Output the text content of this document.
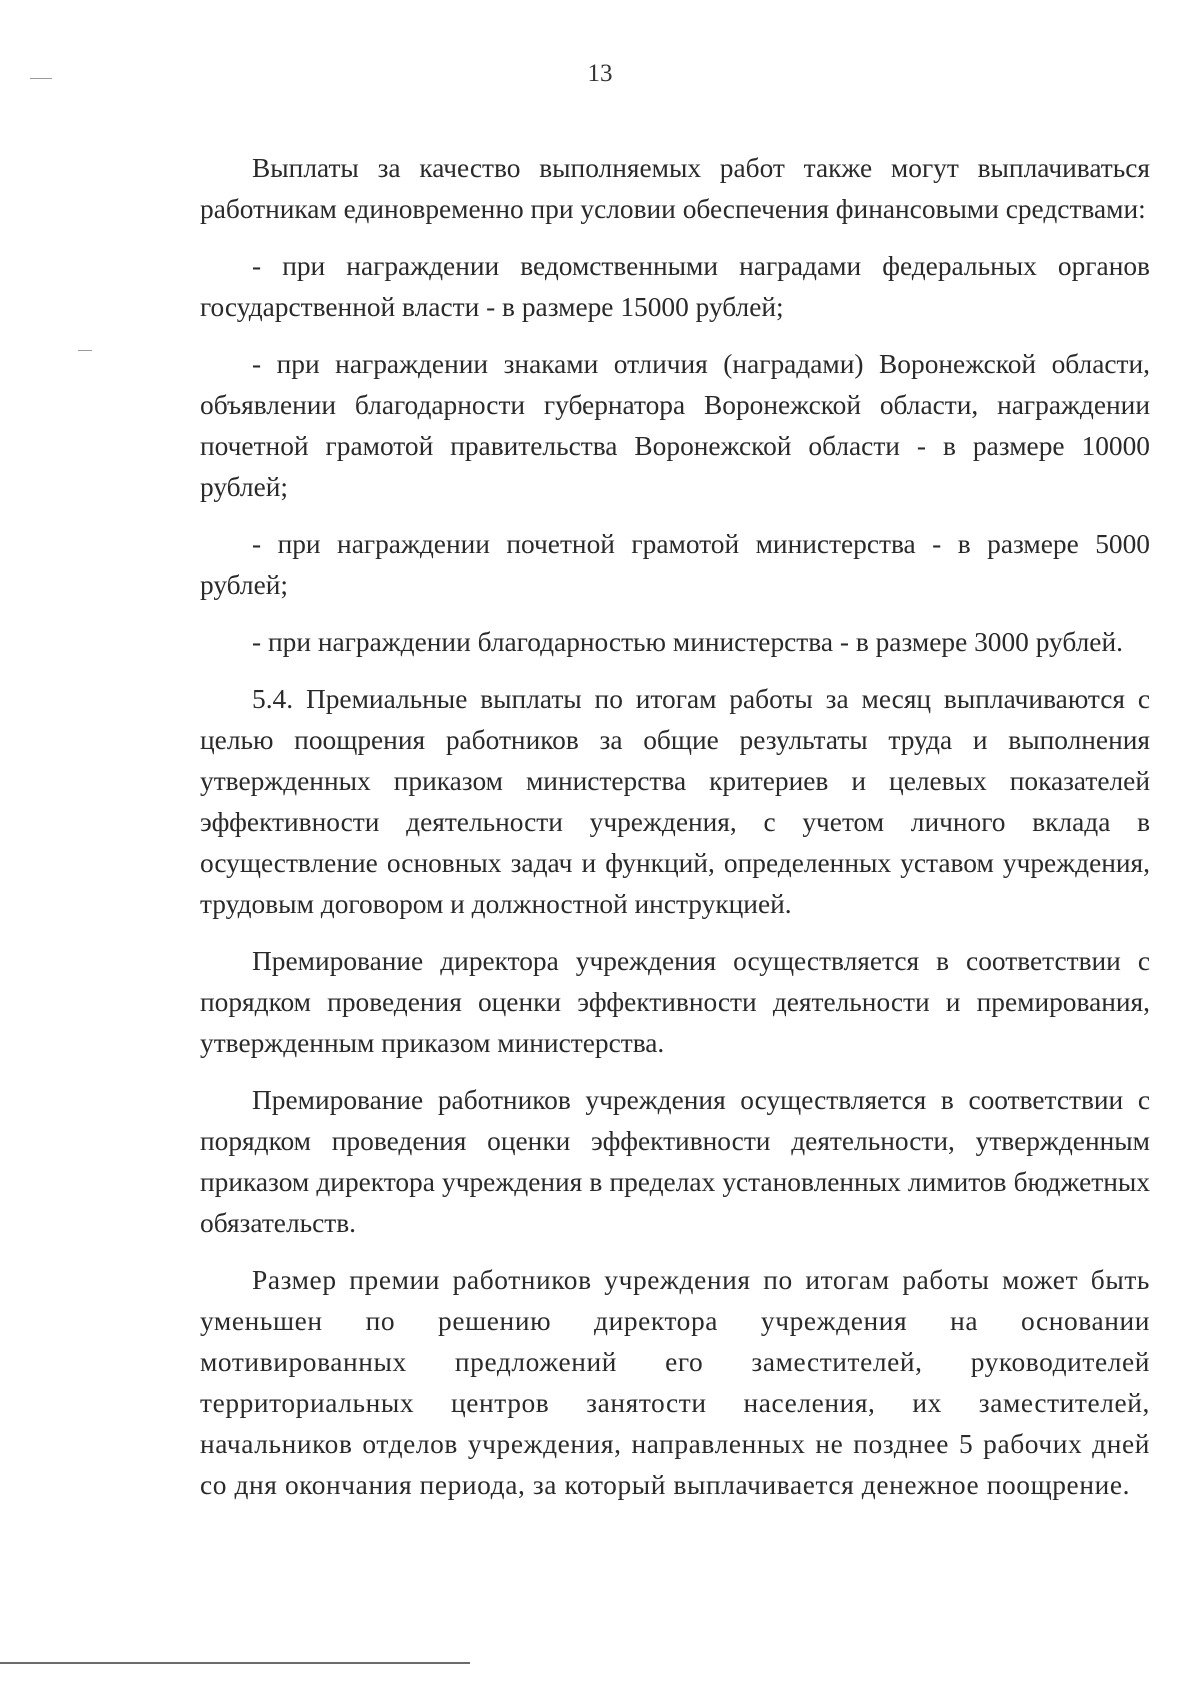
13

Выплаты за качество выполняемых работ также могут выплачиваться работникам единовременно при условии обеспечения финансовыми средствами:

- при награждении ведомственными наградами федеральных органов государственной власти - в размере 15000 рублей;

- при награждении знаками отличия (наградами) Воронежской области, объявлении благодарности губернатора Воронежской области, награждении почетной грамотой правительства Воронежской области - в размере 10000 рублей;

- при награждении почетной грамотой министерства - в размере 5000 рублей;

- при награждении благодарностью министерства - в размере 3000 рублей.

5.4. Премиальные выплаты по итогам работы за месяц выплачиваются с целью поощрения работников за общие результаты труда и выполнения утвержденных приказом министерства критериев и целевых показателей эффективности деятельности учреждения, с учетом личного вклада в осуществление основных задач и функций, определенных уставом учреждения, трудовым договором и должностной инструкцией.

Премирование директора учреждения осуществляется в соответствии с порядком проведения оценки эффективности деятельности и премирования, утвержденным приказом министерства.

Премирование работников учреждения осуществляется в соответствии с порядком проведения оценки эффективности деятельности, утвержденным приказом директора учреждения в пределах установленных лимитов бюджетных обязательств.

Размер премии работников учреждения по итогам работы может быть уменьшен по решению директора учреждения на основании мотивированных предложений его заместителей, руководителей территориальных центров занятости населения, их заместителей, начальников отделов учреждения, направленных не позднее 5 рабочих дней со дня окончания периода, за который выплачивается денежное поощрение.
